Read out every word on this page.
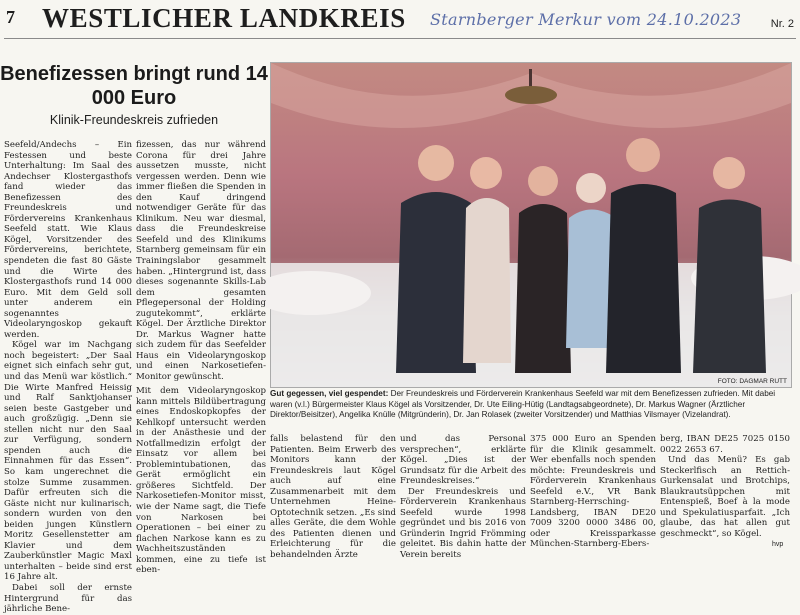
7 WESTLICHER LANDKREIS Starnberger Merkur vom 24.10.2023	Nr. 2
Benefizessen bringt rund 14 000 Euro
Klinik-Freundeskreis zufrieden
FOTO: DAGMAR RUTT
Gut gegessen, viel gespendet: Der Freundeskreis und Förderverein Krankenhaus Seefeld war mit dem Benefizessen zufrieden. Mit dabei waren (v.l.) Bürgermeister Klaus Kögel als Vorsitzender, Dr. Ute Eiling-Hütig (Landtagsabgeordnete), Dr. Markus Wagner (Ärztlicher Direktor/Beisitzer), Angelika Knülle (Mitgründerin), Dr. Jan Rolasek (zweiter Vorsitzender) und Matthias Vilsmayer (Vizelandrat).

Seefeld/Andechs – Ein Festessen und beste Unterhaltung: Im Saal des Andechser Klostergasthofs fand wieder das Benefizessen des Freundeskreis und Fördervereins Krankenhaus Seefeld statt. Wie Klaus Kögel, Vorsitzender des Fördervereins, berichtete, spendeten die fast 80 Gäste und die Wirte des Klostergasthofs rund 14 000 Euro. Mit dem Geld soll unter anderem ein sogenanntes Videolaryngoskop gekauft werden.

Kögel war im Nachgang noch begeistert: „Der Saal eignet sich einfach sehr gut, und das Menü war köstlich.“ Die Wirte Manfred Heissig und Ralf Sanktjohanser seien beste Gastgeber und auch großzügig. „Denn sie stellen nicht nur den Saal zur Verfügung, sondern spenden auch die Einnahmen für das Essen“. So kam ungerechnet die stolze Summe zusammen. Dafür erfreuten sich die Gäste nicht nur kulinarisch, sondern wurden von den beiden jungen Künstlern Moritz Gesellenstetter am Klavier und dem Zauberkünstler Magic Maxl unterhalten – beide sind erst 16 Jahre alt.

Dabei soll der ernste Hintergrund für das jährliche Bene-

fizessen, das nur während Corona für drei Jahre aussetzen musste, nicht vergessen werden. Denn wie immer fließen die Spenden in den Kauf dringend notwendiger Geräte für das Klinikum. Neu war diesmal, dass die Freundeskreise Seefeld und des Klinikums Starnberg gemeinsam für ein Trainingslabor gesammelt haben. „Hintergrund ist, dass dieses sogenannte Skills-Lab dem gesamten Pflegepersonal der Holding zugutekommt“, erklärte Kögel. Der Ärztliche Direktor Dr. Markus Wagner hatte sich zudem für das Seefelder Haus ein Videolaryngoskop und einen Narkosetiefen-Monitor gewünscht.

Mit dem Videolaryngoskop kann mittels Bildübertragung eines Endoskopkopfes der Kehlkopf untersucht werden in der Anästhesie und der Notfallmedizin erfolgt der Einsatz vor allem bei Problemintubationen, das Gerät ermöglicht ein größeres Sichtfeld. Der Narkosetiefen-Monitor misst, wie der Name sagt, die Tiefe von Narkosen bei Operationen – bei einer zu flachen Narkose kann es zu Wachheitszuständen kommen, eine zu tiefe ist eben-

falls belastend für den Patienten. Beim Erwerb des Monitors kann der Freundeskreis laut Kögel auch auf eine Zusammenarbeit mit dem Unternehmen Heine-Optotechnik setzen. „Es sind alles Geräte, die dem Wohle des Patienten dienen und Erleichterung für die behandelnden Ärzte

und das Personal versprechen“, erklärte Kögel. „Dies ist der Grundsatz für die Arbeit des Freundeskreises.“

Der Freundeskreis und Förderverein Krankenhaus Seefeld wurde 1998 gegründet und bis 2016 von Gründerin Ingrid Frömming geleitet. Bis dahin hatte der Verein bereits

375 000 Euro an Spenden für die Klinik gesammelt. Wer ebenfalls noch spenden möchte: Freundeskreis und Förderverein Krankenhaus Seefeld e.V., VR Bank Starnberg-Herrsching-Landsberg, IBAN DE20 7009 3200 0000 3486 00, oder Kreissparkasse München-Starnberg-Ebers-

berg, IBAN DE25 7025 0150 0022 2653 67.

Und das Menü? Es gab Steckerlfisch an Rettich-Gurkensalat und Brotchips, Blaukrautsüppchen mit Entenspieß, Boef à la mode und Spekulatiusparfait. „Ich glaube, das hat allen gut geschmeckt“, so Kögel.

hvp
